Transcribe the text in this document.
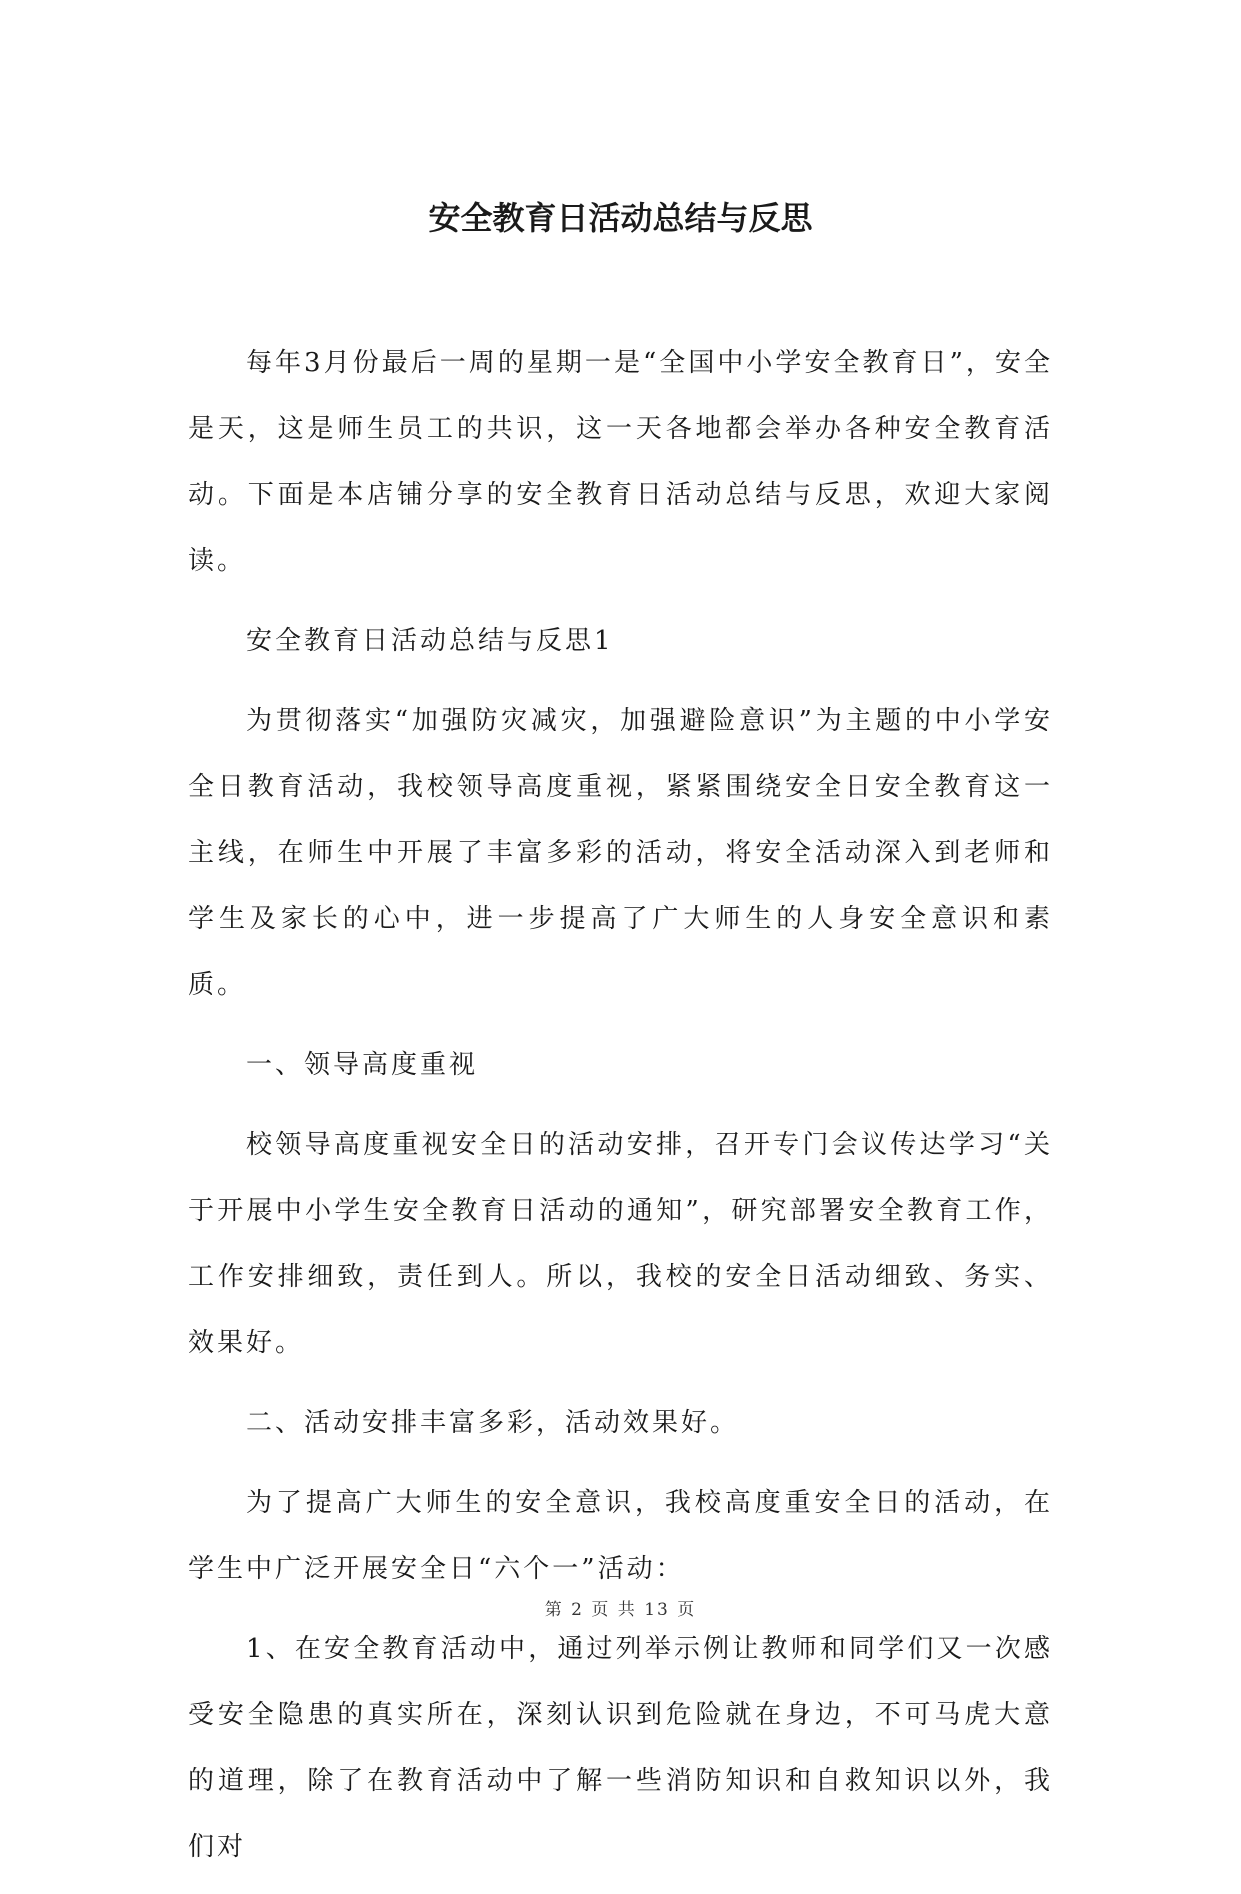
安全教育日活动总结与反思

每年3月份最后一周的星期一是“全国中小学安全教育日”，安全是天，这是师生员工的共识，这一天各地都会举办各种安全教育活动。下面是本店铺分享的安全教育日活动总结与反思，欢迎大家阅读。

安全教育日活动总结与反思1

为贯彻落实“加强防灾减灾，加强避险意识”为主题的中小学安全日教育活动，我校领导高度重视，紧紧围绕安全日安全教育这一主线，在师生中开展了丰富多彩的活动，将安全活动深入到老师和学生及家长的心中，进一步提高了广大师生的人身安全意识和素质。

一、领导高度重视

校领导高度重视安全日的活动安排，召开专门会议传达学习“关于开展中小学生安全教育日活动的通知”，研究部署安全教育工作，工作安排细致，责任到人。所以，我校的安全日活动细致、务实、效果好。

二、活动安排丰富多彩，活动效果好。

为了提高广大师生的安全意识，我校高度重安全日的活动，在学生中广泛开展安全日“六个一”活动：

1、在安全教育活动中，通过列举示例让教师和同学们又一次感受安全隐患的真实所在，深刻认识到危险就在身边，不可马虎大意的道理，除了在教育活动中了解一些消防知识和自救知识以外，我们对

第 2 页 共 13 页
